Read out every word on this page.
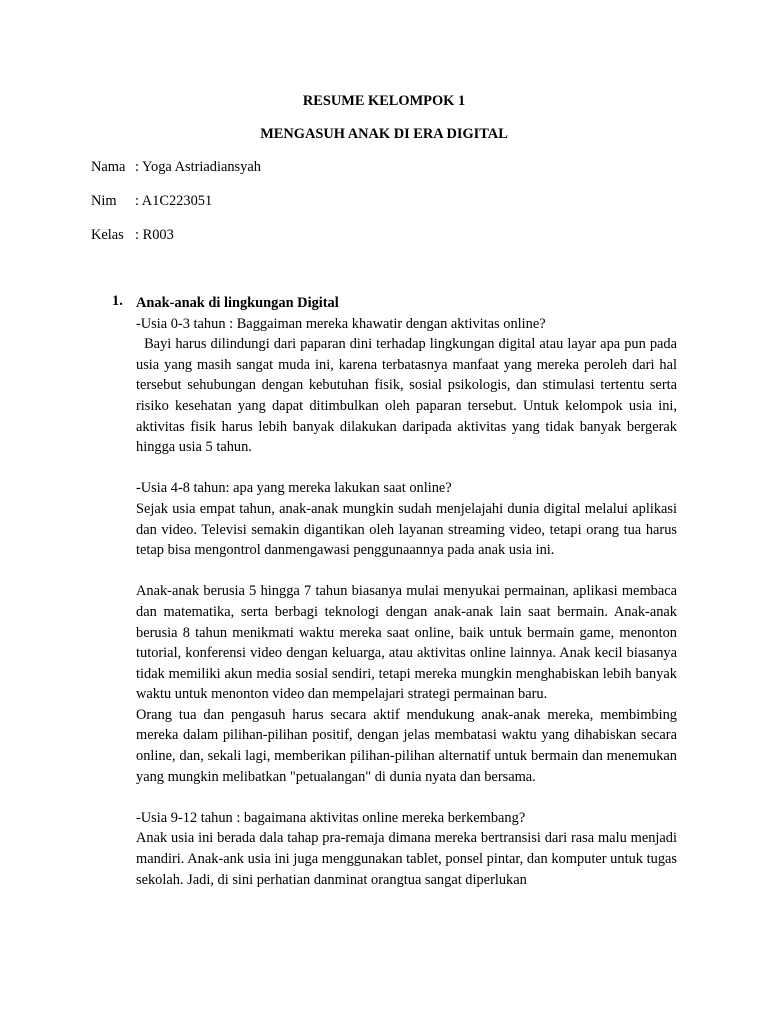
RESUME KELOMPOK 1
MENGASUH ANAK DI ERA DIGITAL
Nama : Yoga Astriadiansyah
Nim : A1C223051
Kelas : R003
1. Anak-anak di lingkungan Digital

-Usia 0-3 tahun : Baggaiman mereka khawatir dengan aktivitas online?

Bayi harus dilindungi dari paparan dini terhadap lingkungan digital atau layar apa pun pada usia yang masih sangat muda ini, karena terbatasnya manfaat yang mereka peroleh dari hal tersebut sehubungan dengan kebutuhan fisik, sosial psikologis, dan stimulasi tertentu serta risiko kesehatan yang dapat ditimbulkan oleh paparan tersebut. Untuk kelompok usia ini, aktivitas fisik harus lebih banyak dilakukan daripada aktivitas yang tidak banyak bergerak hingga usia 5 tahun.

-Usia 4-8 tahun: apa yang mereka lakukan saat online?

Sejak usia empat tahun, anak-anak mungkin sudah menjelajahi dunia digital melalui aplikasi dan video. Televisi semakin digantikan oleh layanan streaming video, tetapi orang tua harus tetap bisa mengontrol danmengawasi penggunaannya pada anak usia ini.

Anak-anak berusia 5 hingga 7 tahun biasanya mulai menyukai permainan, aplikasi membaca dan matematika, serta berbagi teknologi dengan anak-anak lain saat bermain. Anak-anak berusia 8 tahun menikmati waktu mereka saat online, baik untuk bermain game, menonton tutorial, konferensi video dengan keluarga, atau aktivitas online lainnya. Anak kecil biasanya tidak memiliki akun media sosial sendiri, tetapi mereka mungkin menghabiskan lebih banyak waktu untuk menonton video dan mempelajari strategi permainan baru.

Orang tua dan pengasuh harus secara aktif mendukung anak-anak mereka, membimbing mereka dalam pilihan-pilihan positif, dengan jelas membatasi waktu yang dihabiskan secara online, dan, sekali lagi, memberikan pilihan-pilihan alternatif untuk bermain dan menemukan yang mungkin melibatkan "petualangan" di dunia nyata dan bersama.

-Usia 9-12 tahun : bagaimana aktivitas online mereka berkembang?

Anak usia ini berada dala tahap pra-remaja dimana mereka bertransisi dari rasa malu menjadi mandiri. Anak-ank usia ini juga menggunakan tablet, ponsel pintar, dan komputer untuk tugas sekolah. Jadi, di sini perhatian danminat orangtua sangat diperlukan
